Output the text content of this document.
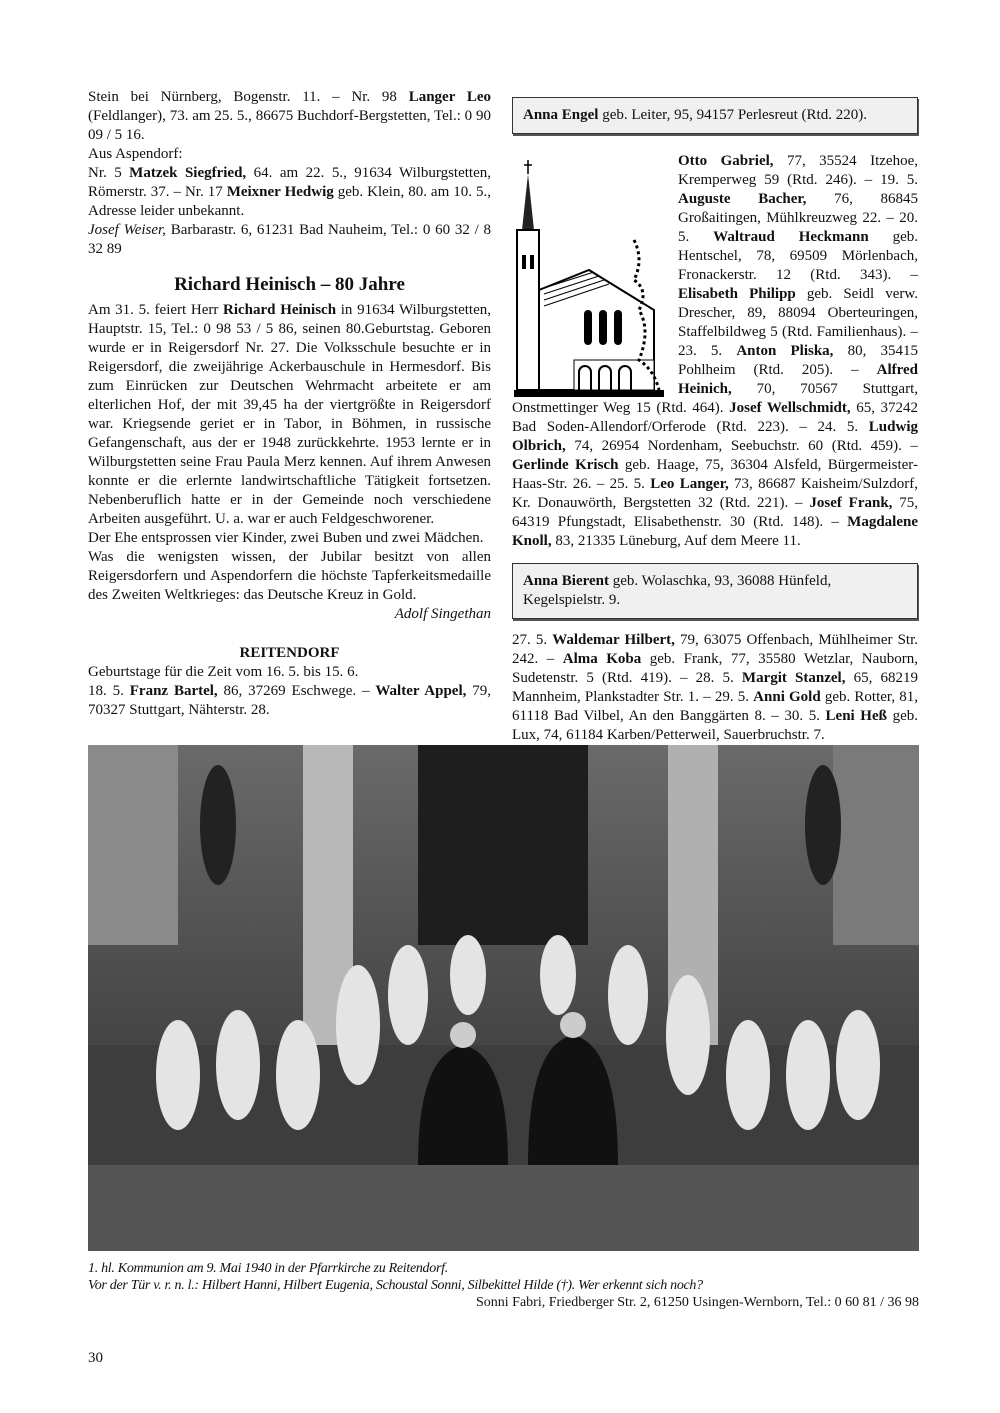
Stein bei Nürnberg, Bogenstr. 11. – Nr. 98 Langer Leo (Feldlanger), 73. am 25. 5., 86675 Buchdorf-Bergstetten, Tel.: 0 90 09 / 5 16.

Aus Aspendorf:

Nr. 5 Matzek Siegfried, 64. am 22. 5., 91634 Wilburgstetten, Römerstr. 37. – Nr. 17 Meixner Hedwig geb. Klein, 80. am 10. 5., Adresse leider unbekannt.

Josef Weiser, Barbarastr. 6, 61231 Bad Nauheim, Tel.: 0 60 32 / 8 32 89

Richard Heinisch – 80 Jahre

Am 31. 5. feiert Herr Richard Heinisch in 91634 Wilburgstetten, Hauptstr. 15, Tel.: 0 98 53 / 5 86, seinen 80.Geburtstag. Geboren wurde er in Reigersdorf Nr. 27. Die Volksschule besuchte er in Reigersdorf, die zweijährige Ackerbauschule in Hermesdorf. Bis zum Einrücken zur Deutschen Wehrmacht arbeitete er am elterlichen Hof, der mit 39,45 ha der viertgrößte in Reigersdorf war. Kriegsende geriet er in Tabor, in Böhmen, in russische Gefangenschaft, aus der er 1948 zurückkehrte. 1953 lernte er in Wilburgstetten seine Frau Paula Merz kennen. Auf ihrem Anwesen konnte er die erlernte landwirtschaftliche Tätigkeit fortsetzen. Nebenberuflich hatte er in der Gemeinde noch verschiedene Arbeiten ausgeführt. U. a. war er auch Feldgeschworener.

Der Ehe entsprossen vier Kinder, zwei Buben und zwei Mädchen.

Was die wenigsten wissen, der Jubilar besitzt von allen Reigersdorfern und Aspendorfern die höchste Tapferkeitsmedaille des Zweiten Weltkrieges: das Deutsche Kreuz in Gold.

Adolf Singethan

REITENDORF

Geburtstage für die Zeit vom 16. 5. bis 15. 6.

18. 5. Franz Bartel, 86, 37269 Eschwege. – Walter Appel, 79, 70327 Stuttgart, Nähterstr. 28.

Anna Engel geb. Leiter, 95, 94157 Perlesreut (Rtd. 220).

Otto Gabriel, 77, 35524 Itzehoe, Kremperweg 59 (Rtd. 246). – 19. 5. Auguste Bacher, 76, 86845 Großaitingen, Mühlkreuzweg 22. – 20. 5. Waltraud Heckmann geb. Hentschel, 78, 69509 Mörlenbach, Fronackerstr. 12 (Rtd. 343). – Elisabeth Philipp geb. Seidl verw. Drescher, 89, 88094 Oberteuringen, Staffelbildweg 5 (Rtd. Familienhaus). – 23. 5. Anton Pliska, 80, 35415 Pohlheim (Rtd. 205). – Alfred Heinich, 70, 70567 Stuttgart, Onstmettinger Weg 15 (Rtd. 464). Josef Wellschmidt, 65, 37242 Bad Soden-Allendorf/Orferode (Rtd. 223). – 24. 5. Ludwig Olbrich, 74, 26954 Nordenham, Seebuchstr. 60 (Rtd. 459). – Gerlinde Krisch geb. Haage, 75, 36304 Alsfeld, Bürgermeister-Haas-Str. 26. – 25. 5. Leo Langer, 73, 86687 Kaisheim/Sulzdorf, Kr. Donauwörth, Bergstetten 32 (Rtd. 221). – Josef Frank, 75, 64319 Pfungstadt, Elisabethenstr. 30 (Rtd. 148). – Magdalene Knoll, 83, 21335 Lüneburg, Auf dem Meere 11.

Anna Bierent geb. Wolaschka, 93, 36088 Hünfeld, Kegelspielstr. 9.

27. 5. Waldemar Hilbert, 79, 63075 Offenbach, Mühlheimer Str. 242. – Alma Koba geb. Frank, 77, 35580 Wetzlar, Nauborn, Sudetenstr. 5 (Rtd. 419). – 28. 5. Margit Stanzel, 65, 68219 Mannheim, Plankstadter Str. 1. – 29. 5. Anni Gold geb. Rotter, 81, 61118 Bad Vilbel, An den Banggärten 8. – 30. 5. Leni Heß geb. Lux, 74, 61184 Karben/Petterweil, Sauerbruchstr. 7.

1. hl. Kommunion am 9. Mai 1940 in der Pfarrkirche zu Reitendorf.
Vor der Tür v. r. n. l.: Hilbert Hanni, Hilbert Eugenia, Schoustal Sonni, Silbekittel Hilde (†). Wer erkennt sich noch?
Sonni Fabri, Friedberger Str. 2, 61250 Usingen-Wernborn, Tel.: 0 60 81 / 36 98
30
